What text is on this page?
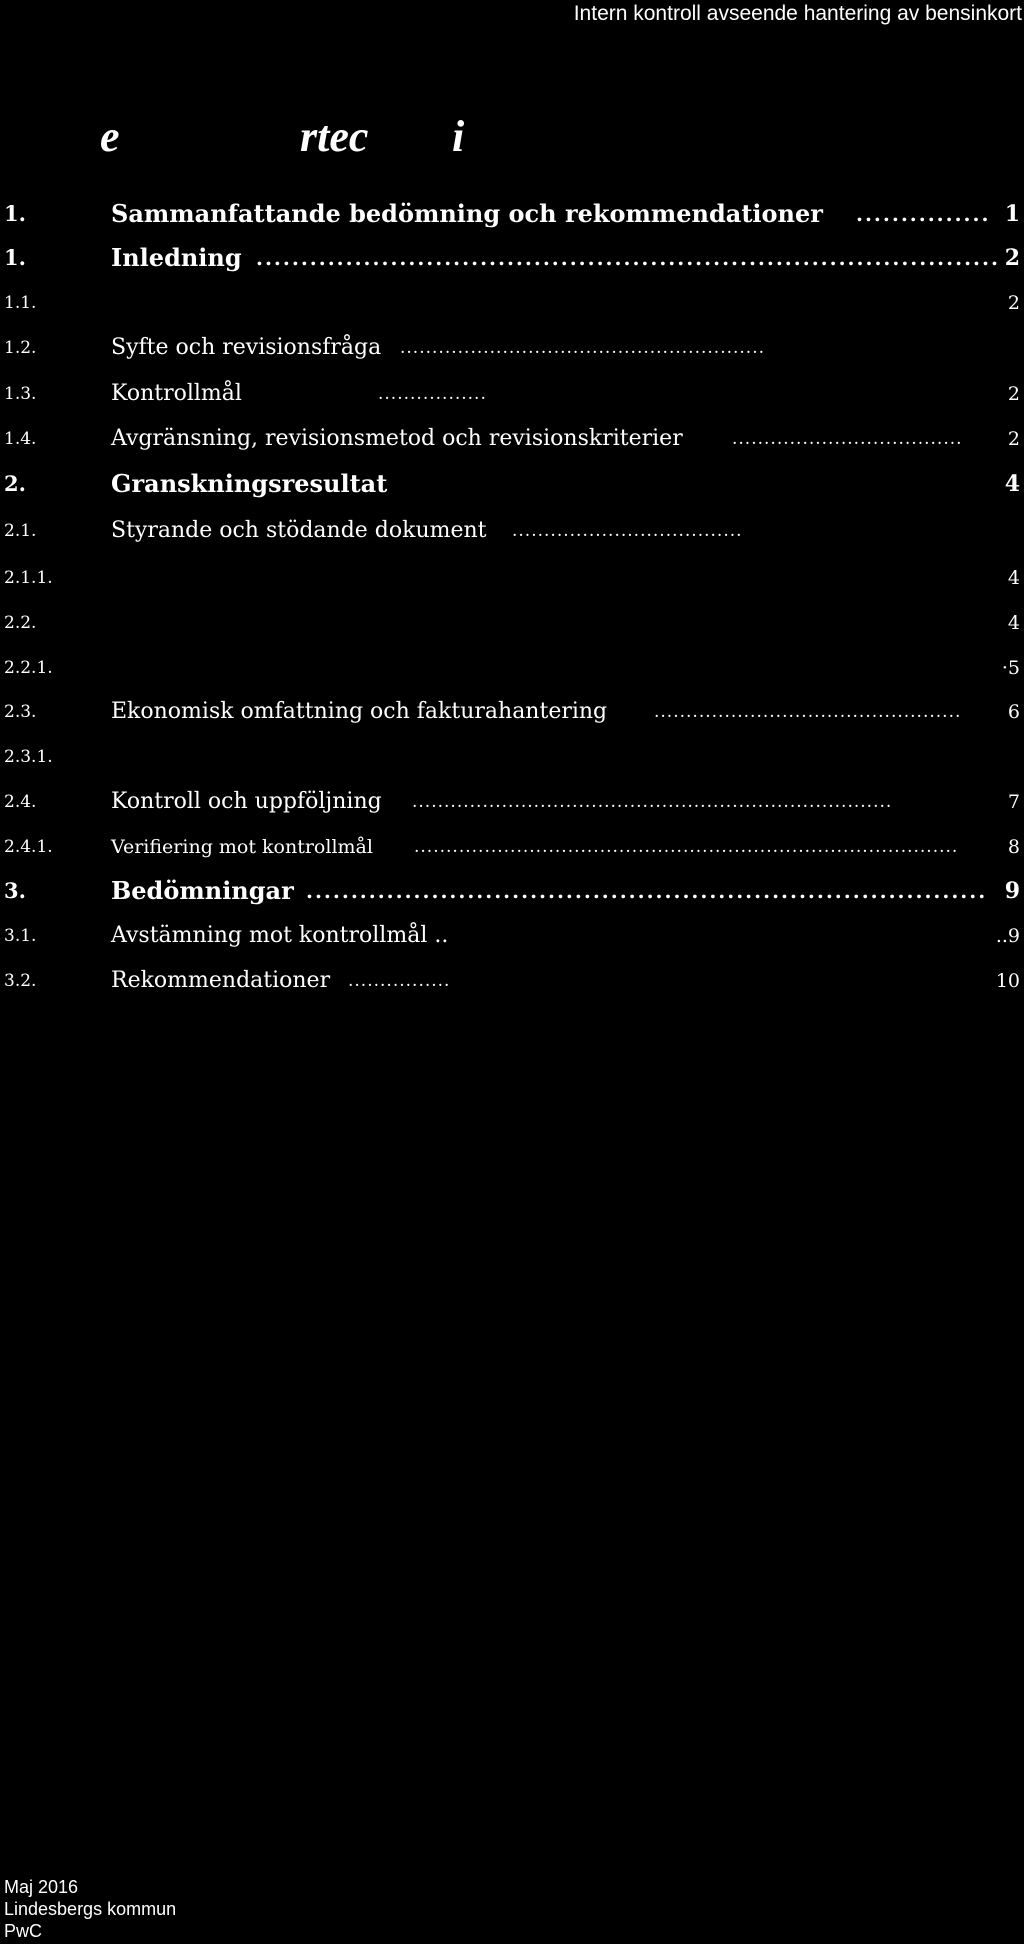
Intern kontroll avseende hantering av bensinkort
e	rtec i
1.	Sammanfattande bedömning och rekommendationer ............... 1
1.	Inledning ................................................................................... 2
1.1.	2
1.2.	Syfte och revisionsfråga .........................................................
1.3.	Kontrollmål	.................	2
1.4.	Avgränsning, revisionsmetod och revisionskriterier	....................................	2
2.	Granskningsresultat	4
2.1.	Styrande och stödande dokument ....................................
2.1.1.	4
2.2.	4
2.2.1.	·5
2.3.	Ekonomisk omfattning och fakturahantering	................................................	6
2.3.1.
2.4.	Kontroll och uppföljning ...........................................................................	7
2.4.1.	Verifiering mot kontrollmål .....................................................................................	8
3.	Bedömningar ............................................................................ 9
3.1.	Avstämning mot kontrollmål ..	..9
3.2.	Rekommendationer ................	10
Maj 2016
Lindesbergs kommun
PwC
